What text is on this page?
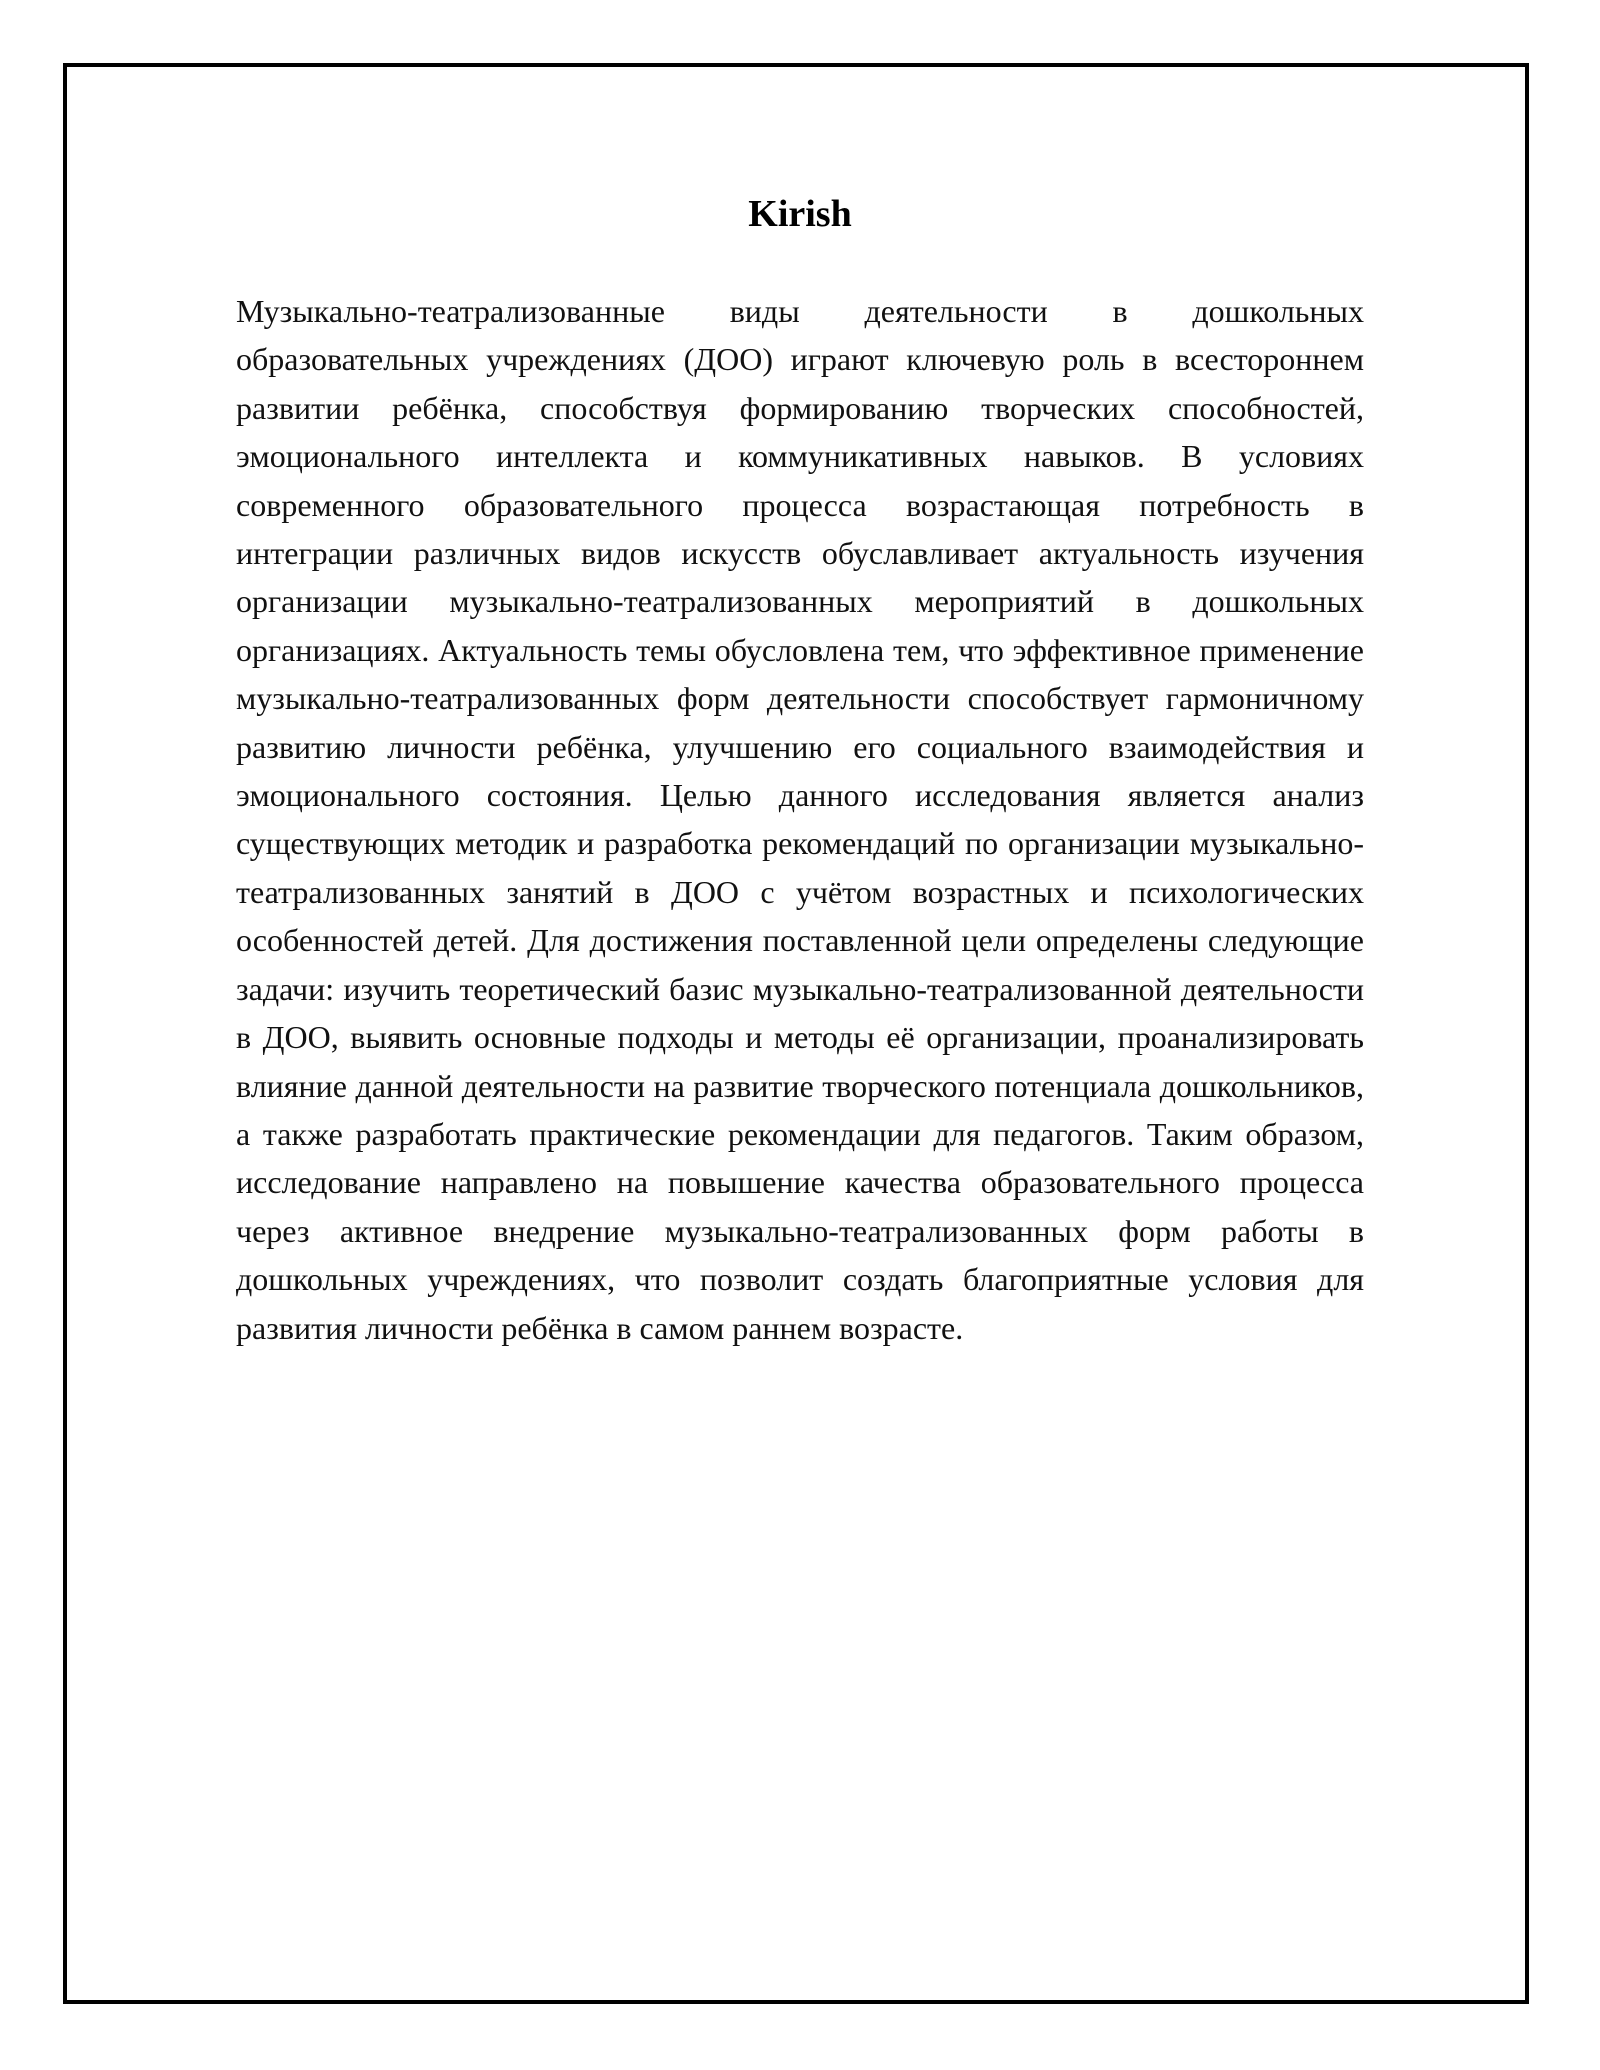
Kirish

Музыкально-театрализованные виды деятельности в дошкольных образовательных учреждениях (ДОО) играют ключевую роль в всестороннем развитии ребёнка, способствуя формированию творческих способностей, эмоционального интеллекта и коммуникативных навыков. В условиях современного образовательного процесса возрастающая потребность в интеграции различных видов искусств обуславливает актуальность изучения организации музыкально-театрализованных мероприятий в дошкольных организациях. Актуальность темы обусловлена тем, что эффективное применение музыкально-театрализованных форм деятельности способствует гармоничному развитию личности ребёнка, улучшению его социального взаимодействия и эмоционального состояния. Целью данного исследования является анализ существующих методик и разработка рекомендаций по организации музыкально-театрализованных занятий в ДОО с учётом возрастных и психологических особенностей детей. Для достижения поставленной цели определены следующие задачи: изучить теоретический базис музыкально-театрализованной деятельности в ДОО, выявить основные подходы и методы её организации, проанализировать влияние данной деятельности на развитие творческого потенциала дошкольников, а также разработать практические рекомендации для педагогов. Таким образом, исследование направлено на повышение качества образовательного процесса через активное внедрение музыкально-театрализованных форм работы в дошкольных учреждениях, что позволит создать благоприятные условия для развития личности ребёнка в самом раннем возрасте.
